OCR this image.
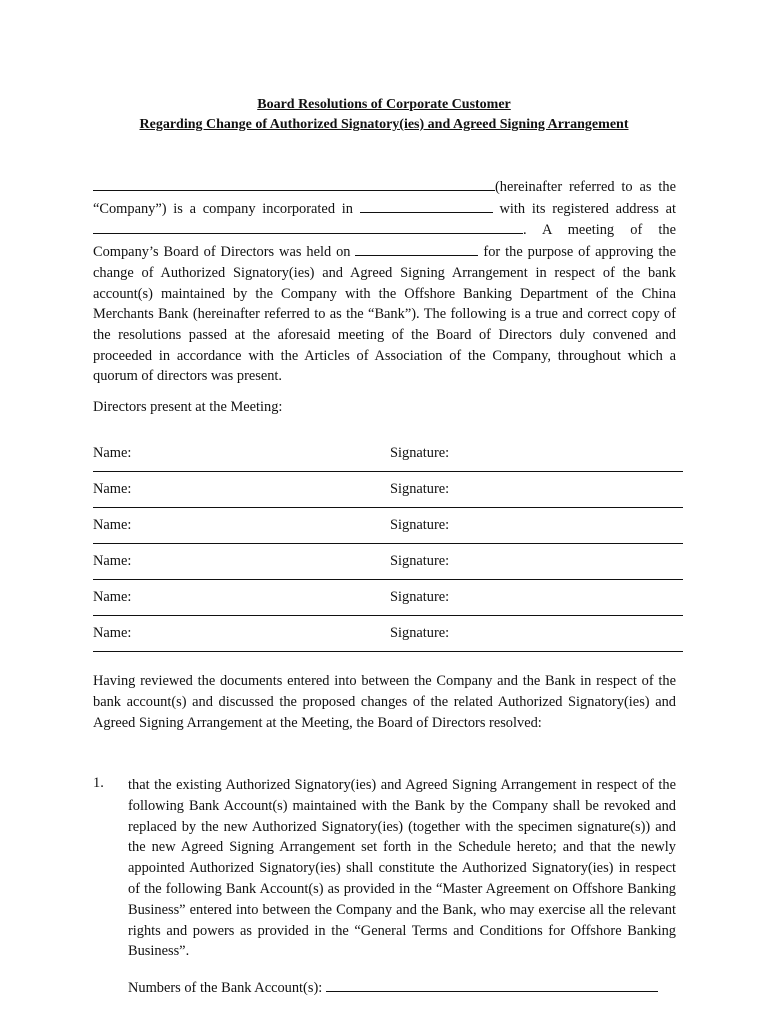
Board Resolutions of Corporate Customer
Regarding Change of Authorized Signatory(ies) and Agreed Signing Arrangement

(hereinafter referred to as the “Company”) is a company incorporated in	with its registered address at . A meeting of the Company’s Board of Directors was held on	for the purpose of approving the change of Authorized Signatory(ies) and Agreed Signing Arrangement in respect of the bank account(s) maintained by the Company with the Offshore Banking Department of the China Merchants Bank (hereinafter referred to as the “Bank”). The following is a true and correct copy of the resolutions passed at the aforesaid meeting of the Board of Directors duly convened and proceeded in accordance with the Articles of Association of the Company, throughout which a quorum of directors was present.

Directors present at the Meeting:

Name:	Signature:
Name:	Signature:
Name:	Signature:
Name:	Signature:
Name:	Signature:
Name:	Signature:

Having reviewed the documents entered into between the Company and the Bank in respect of the bank account(s) and discussed the proposed changes of the related Authorized Signatory(ies) and Agreed Signing Arrangement at the Meeting, the Board of Directors resolved:

1. that the existing Authorized Signatory(ies) and Agreed Signing Arrangement in respect of the following Bank Account(s) maintained with the Bank by the Company shall be revoked and replaced by the new Authorized Signatory(ies) (together with the specimen signature(s)) and the new Agreed Signing Arrangement set forth in the Schedule hereto; and that the newly appointed Authorized Signatory(ies) shall constitute the Authorized Signatory(ies) in respect of the following Bank Account(s) as provided in the “Master Agreement on Offshore Banking Business” entered into between the Company and the Bank, who may exercise all the relevant rights and powers as provided in the “General Terms and Conditions for Offshore Banking Business”.

Numbers of the Bank Account(s):
